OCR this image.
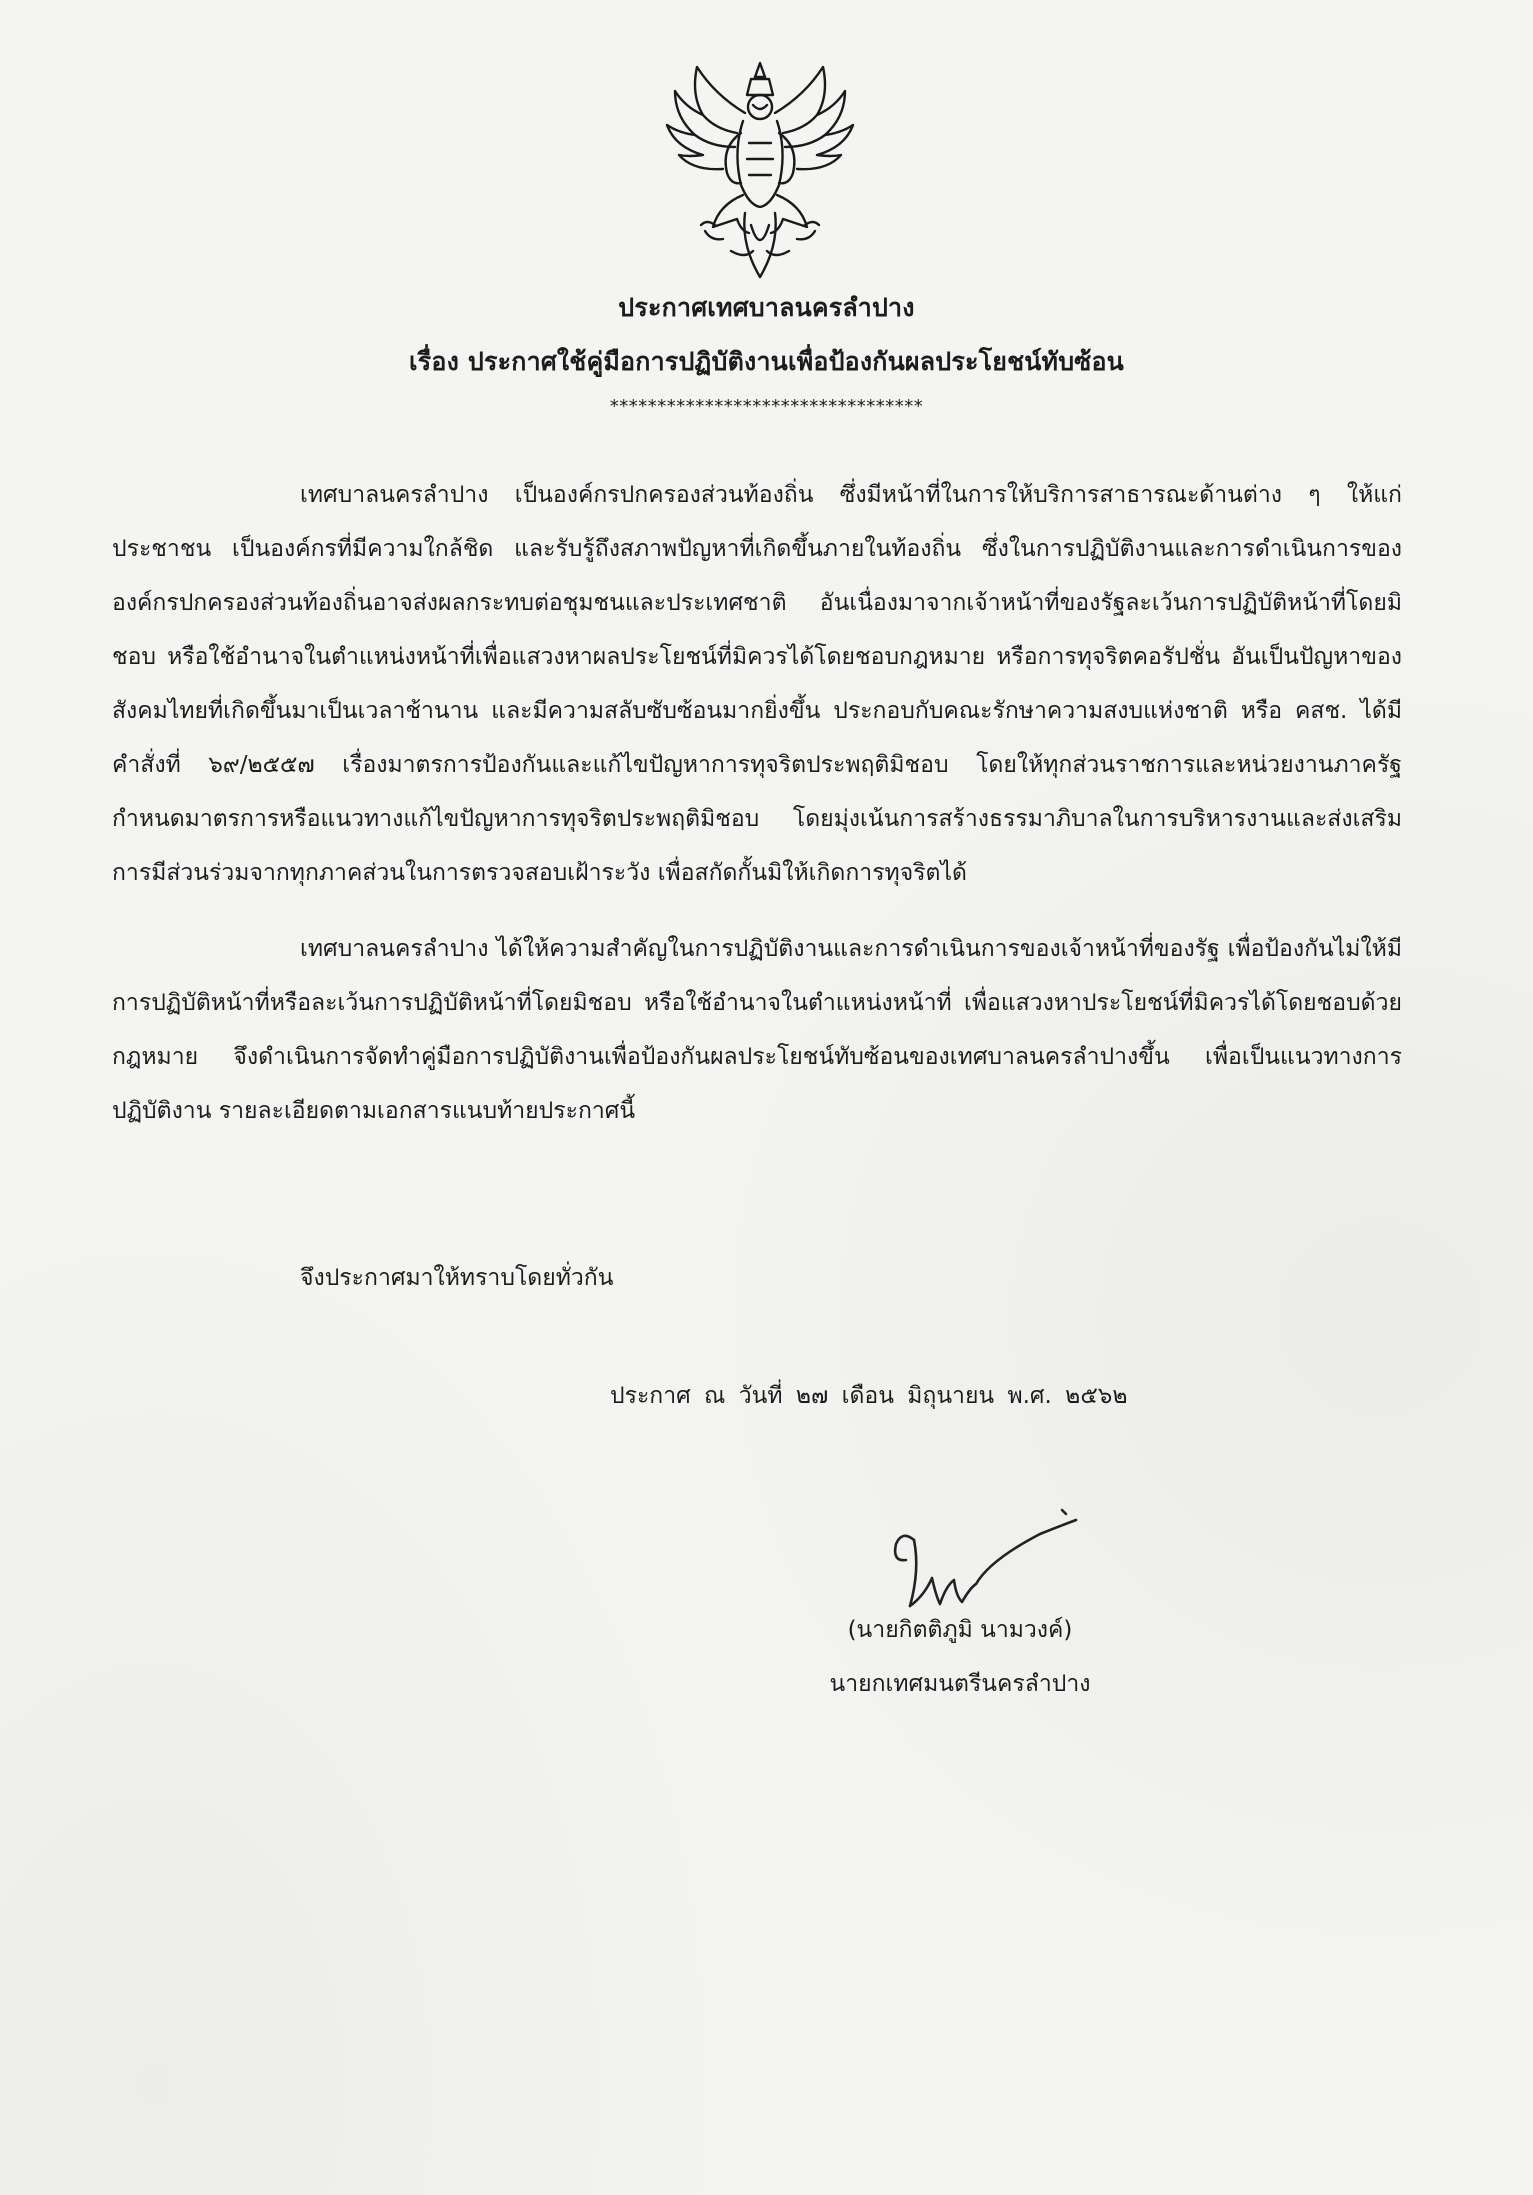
ประกาศเทศบาลนครลำปาง
เรื่อง ประกาศใช้คู่มือการปฏิบัติงานเพื่อป้องกันผลประโยชน์ทับซ้อน
*********************************

เทศบาลนครลำปาง เป็นองค์กรปกครองส่วนท้องถิ่น ซึ่งมีหน้าที่ในการให้บริการสาธารณะด้านต่าง ๆ ให้แก่ประชาชน เป็นองค์กรที่มีความใกล้ชิด และรับรู้ถึงสภาพปัญหาที่เกิดขึ้นภายในท้องถิ่น ซึ่งในการปฏิบัติงานและการดำเนินการขององค์กรปกครองส่วนท้องถิ่นอาจส่งผลกระทบต่อชุมชนและประเทศชาติ อันเนื่องมาจากเจ้าหน้าที่ของรัฐละเว้นการปฏิบัติหน้าที่โดยมิชอบ หรือใช้อำนาจในตำแหน่งหน้าที่เพื่อแสวงหาผลประโยชน์ที่มิควรได้โดยชอบกฎหมาย หรือการทุจริตคอรัปชั่น อันเป็นปัญหาของสังคมไทยที่เกิดขึ้นมาเป็นเวลาช้านาน และมีความสลับซับซ้อนมากยิ่งขึ้น ประกอบกับคณะรักษาความสงบแห่งชาติ หรือ คสช. ได้มีคำสั่งที่ ๖๙/๒๕๕๗ เรื่องมาตรการป้องกันและแก้ไขปัญหาการทุจริตประพฤติมิชอบ โดยให้ทุกส่วนราชการและหน่วยงานภาครัฐ กำหนดมาตรการหรือแนวทางแก้ไขปัญหาการทุจริตประพฤติมิชอบ โดยมุ่งเน้นการสร้างธรรมาภิบาลในการบริหารงานและส่งเสริมการมีส่วนร่วมจากทุกภาคส่วนในการตรวจสอบเฝ้าระวัง เพื่อสกัดกั้นมิให้เกิดการทุจริตได้

เทศบาลนครลำปาง ได้ให้ความสำคัญในการปฏิบัติงานและการดำเนินการของเจ้าหน้าที่ของรัฐ เพื่อป้องกันไม่ให้มีการปฏิบัติหน้าที่หรือละเว้นการปฏิบัติหน้าที่โดยมิชอบ หรือใช้อำนาจในตำแหน่งหน้าที่ เพื่อแสวงหาประโยชน์ที่มิควรได้โดยชอบด้วยกฎหมาย จึงดำเนินการจัดทำคู่มือการปฏิบัติงานเพื่อป้องกันผลประโยชน์ทับซ้อนของเทศบาลนครลำปางขึ้น เพื่อเป็นแนวทางการปฏิบัติงาน รายละเอียดตามเอกสารแนบท้ายประกาศนี้

จึงประกาศมาให้ทราบโดยทั่วกัน
ประกาศ ณ วันที่ ๒๗ เดือน มิถุนายน พ.ศ. ๒๕๖๒
(นายกิตติภูมิ นามวงค์)
นายกเทศมนตรีนครลำปาง
